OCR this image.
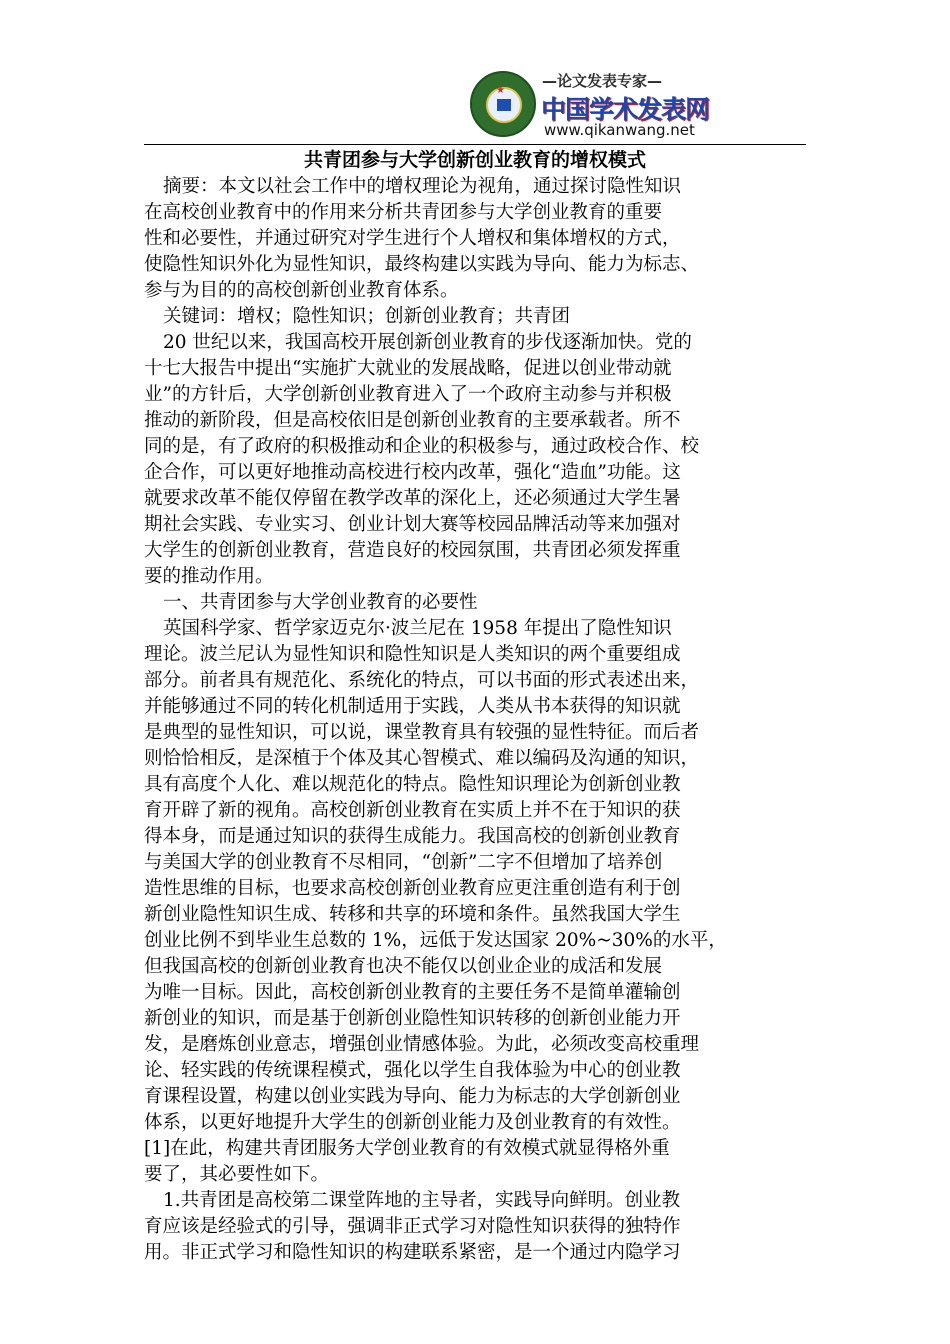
★
—论文发表专家—
中国学术发表网
www.qikanwang.net
共青团参与大学创新创业教育的增权模式
摘要：本文以社会工作中的增权理论为视角，通过探讨隐性知识
在高校创业教育中的作用来分析共青团参与大学创业教育的重要
性和必要性，并通过研究对学生进行个人增权和集体增权的方式，
使隐性知识外化为显性知识，最终构建以实践为导向、能力为标志、
参与为目的的高校创新创业教育体系。
关键词：增权；隐性知识；创新创业教育；共青团
20 世纪以来，我国高校开展创新创业教育的步伐逐渐加快。党的
十七大报告中提出“实施扩大就业的发展战略，促进以创业带动就
业”的方针后，大学创新创业教育进入了一个政府主动参与并积极
推动的新阶段，但是高校依旧是创新创业教育的主要承载者。所不
同的是，有了政府的积极推动和企业的积极参与，通过政校合作、校
企合作，可以更好地推动高校进行校内改革，强化“造血”功能。这
就要求改革不能仅停留在教学改革的深化上，还必须通过大学生暑
期社会实践、专业实习、创业计划大赛等校园品牌活动等来加强对
大学生的创新创业教育，营造良好的校园氛围，共青团必须发挥重
要的推动作用。
一、共青团参与大学创业教育的必要性
英国科学家、哲学家迈克尔·波兰尼在 1958 年提出了隐性知识
理论。波兰尼认为显性知识和隐性知识是人类知识的两个重要组成
部分。前者具有规范化、系统化的特点，可以书面的形式表述出来，
并能够通过不同的转化机制适用于实践，人类从书本获得的知识就
是典型的显性知识，可以说，课堂教育具有较强的显性特征。而后者
则恰恰相反，是深植于个体及其心智模式、难以编码及沟通的知识，
具有高度个人化、难以规范化的特点。隐性知识理论为创新创业教
育开辟了新的视角。高校创新创业教育在实质上并不在于知识的获
得本身，而是通过知识的获得生成能力。我国高校的创新创业教育
与美国大学的创业教育不尽相同，“创新”二字不但增加了培养创
造性思维的目标，也要求高校创新创业教育应更注重创造有利于创
新创业隐性知识生成、转移和共享的环境和条件。虽然我国大学生
创业比例不到毕业生总数的 1%，远低于发达国家 20%~30%的水平，
但我国高校的创新创业教育也决不能仅以创业企业的成活和发展
为唯一目标。因此，高校创新创业教育的主要任务不是简单灌输创
新创业的知识，而是基于创新创业隐性知识转移的创新创业能力开
发，是磨炼创业意志，增强创业情感体验。为此，必须改变高校重理
论、轻实践的传统课程模式，强化以学生自我体验为中心的创业教
育课程设置，构建以创业实践为导向、能力为标志的大学创新创业
体系，以更好地提升大学生的创新创业能力及创业教育的有效性。
[1]在此，构建共青团服务大学创业教育的有效模式就显得格外重
要了，其必要性如下。
1.共青团是高校第二课堂阵地的主导者，实践导向鲜明。创业教
育应该是经验式的引导，强调非正式学习对隐性知识获得的独特作
用。非正式学习和隐性知识的构建联系紧密，是一个通过内隐学习
